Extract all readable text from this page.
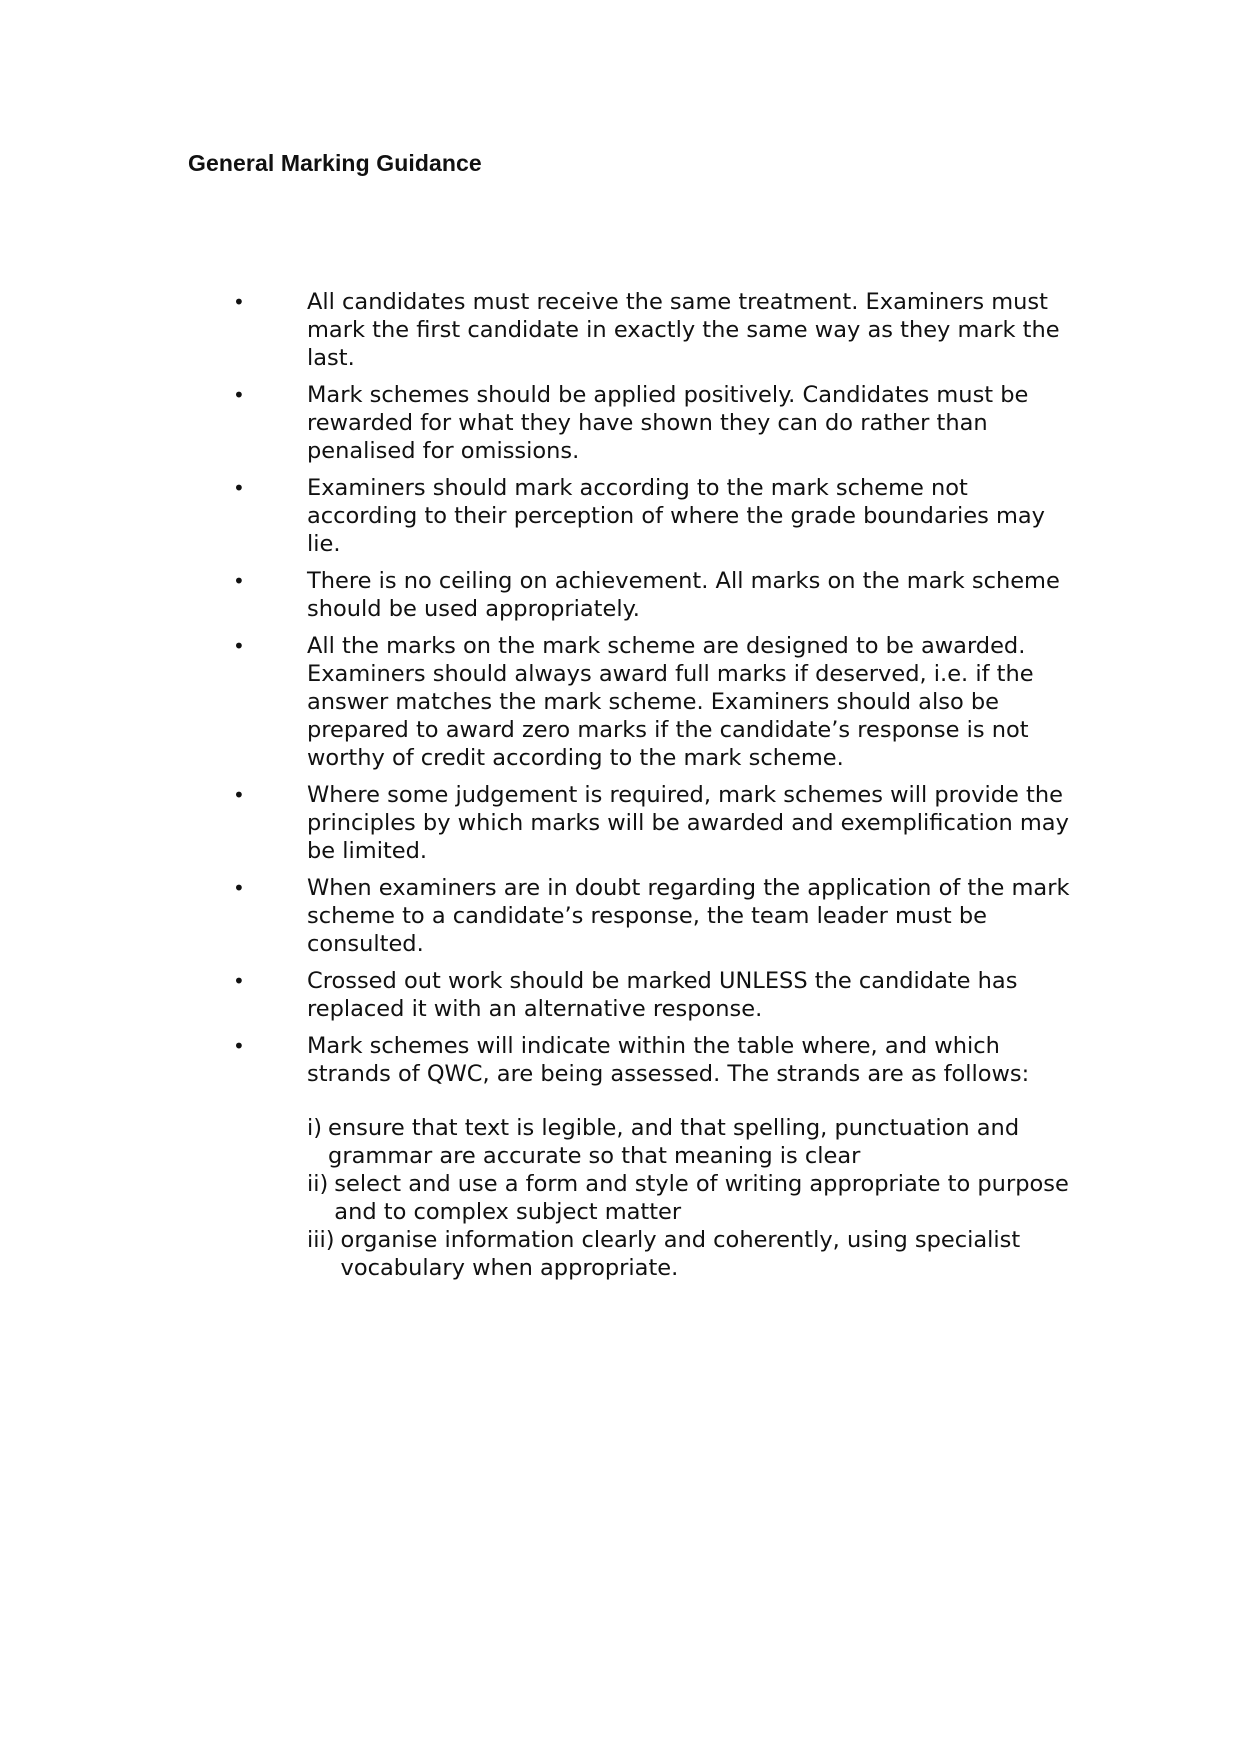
General Marking Guidance
•	All candidates must receive the same treatment. Examiners must mark the first candidate in exactly the same way as they mark the last.
•	Mark schemes should be applied positively. Candidates must be rewarded for what they have shown they can do rather than penalised for omissions.
•	Examiners should mark according to the mark scheme not according to their perception of where the grade boundaries may lie.
•	There is no ceiling on achievement. All marks on the mark scheme should be used appropriately.
•	All the marks on the mark scheme are designed to be awarded. Examiners should always award full marks if deserved, i.e. if the answer matches the mark scheme. Examiners should also be prepared to award zero marks if the candidate’s response is not worthy of credit according to the mark scheme.
•	Where some judgement is required, mark schemes will provide the principles by which marks will be awarded and exemplification may be limited.
•	When examiners are in doubt regarding the application of the mark scheme to a candidate’s response, the team leader must be consulted.
•	Crossed out work should be marked UNLESS the candidate has replaced it with an alternative response.
•	Mark schemes will indicate within the table where, and which strands of QWC, are being assessed. The strands are as follows:
i) ensure that text is legible, and that spelling, punctuation and grammar are accurate so that meaning is clear
ii) select and use a form and style of writing appropriate to purpose and to complex subject matter
iii) organise information clearly and coherently, using specialist vocabulary when appropriate.
